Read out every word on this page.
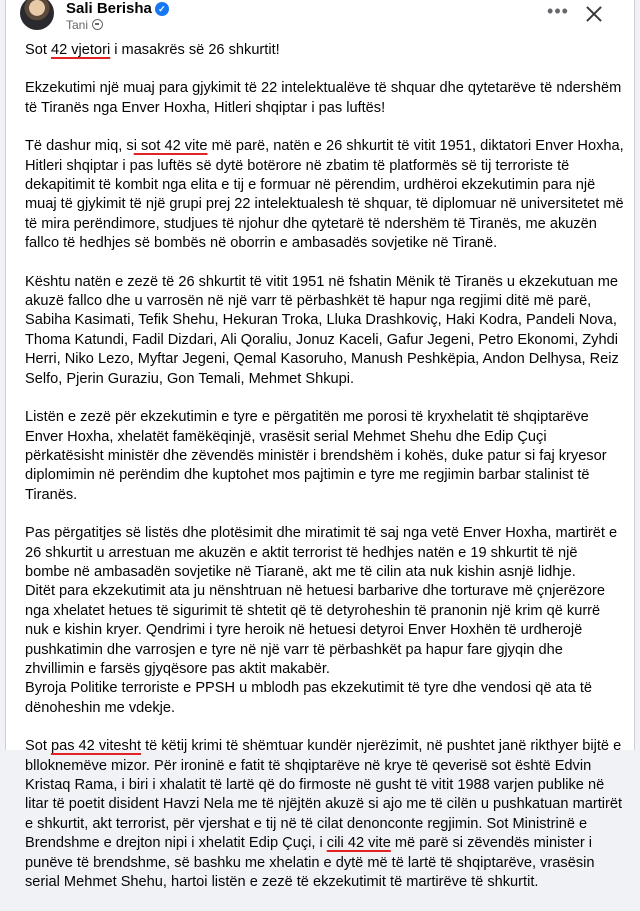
Sali Berisha ✓
Tani
•••

Sot 42 vjetori i masakrës së 26 shkurtit!

Ekzekutimi një muaj para gjykimit të 22 intelektualëve të shquar dhe qytetarëve të ndershëm të Tiranës nga Enver Hoxha, Hitleri shqiptar i pas luftës!

Të dashur miq, si sot 42 vite më parë, natën e 26 shkurtit të vitit 1951, diktatori Enver Hoxha, Hitleri shqiptar i pas luftës së dytë botërore në zbatim të platformës së tij terroriste të dekapitimit të kombit nga elita e tij e formuar në përendim, urdhëroi ekzekutimin para një muaj të gjykimit të një grupi prej 22 intelektualesh të shquar, të diplomuar në universitetet më të mira perëndimore, studjues të njohur dhe qytetarë të ndershëm të Tiranës, me akuzën fallco të hedhjes së bombës në oborrin e ambasadës sovjetike në Tiranë.

Kështu natën e zezë të 26 shkurtit të vitit 1951 në fshatin Mënik të Tiranës u ekzekutuan me akuzë fallco dhe u varrosën në një varr të përbashkët të hapur nga regjimi ditë më parë, Sabiha Kasimati, Tefik Shehu, Hekuran Troka, Lluka Drashkoviç, Haki Kodra, Pandeli Nova, Thoma Katundi, Fadil Dizdari, Ali Qoraliu, Jonuz Kaceli, Gafur Jegeni, Petro Ekonomi, Zyhdi Herri, Niko Lezo, Myftar Jegeni, Qemal Kasoruho, Manush Peshkëpia, Andon Delhysa, Reiz Selfo, Pjerin Guraziu, Gon Temali, Mehmet Shkupi.

Listën e zezë për ekzekutimin e tyre e përgatitën me porosi të kryxhelatit të shqiptarëve Enver Hoxha, xhelatët famëkëqinjë, vrasësit serial Mehmet Shehu dhe Edip Çuçi përkatësisht ministër dhe zëvendës ministër i brendshëm i kohës, duke patur si faj kryesor diplomimin në perëndim dhe kuptohet mos pajtimin e tyre me regjimin barbar stalinist të Tiranës.

Pas përgatitjes së listës dhe plotësimit dhe miratimit të saj nga vetë Enver Hoxha, martirët e 26 shkurtit u arrestuan me akuzën e aktit terrorist të hedhjes natën e 19 shkurtit të një bombe në ambasadën sovjetike në Tiaranë, akt me të cilin ata nuk kishin asnjë lidhje.

Ditët para ekzekutimit ata ju nënshtruan në hetuesi barbarive dhe torturave më çnjerëzore nga xhelatet hetues të sigurimit të shtetit që të detyroheshin të pranonin një krim që kurrë nuk e kishin kryer. Qendrimi i tyre heroik në hetuesi detyroi Enver Hoxhën të urdherojë pushkatimin dhe varrosjen e tyre në një varr të përbashkët pa hapur fare gjyqin dhe zhvillimin e farsës gjyqësore pas aktit makabër.

Byroja Politike terroriste e PPSH u mblodh pas ekzekutimit të tyre dhe vendosi që ata të dënoheshin me vdekje.

Sot pas 42 vitesht të këtij krimi të shëmtuar kundër njerëzimit, në pushtet janë rikthyer bijtë e blloknemëve mizor. Për ironinë e fatit të shqiptarëve në krye të qeverisë sot është Edvin Kristaq Rama, i biri i xhalatit të lartë që do firmoste në gusht të vitit 1988 varjen publike në litar të poetit disident Havzi Nela me të njëjtën akuzë si ajo me të cilën u pushkatuan martirët e shkurtit, akt terrorist, për vjershat e tij në të cilat denonconte regjimin. Sot Ministrinë e Brendshme e drejton nipi i xhelatit Edip Çuçi, i cili 42 vite më parë si zëvendës minister i punëve të brendshme, së bashku me xhelatin e dytë më të lartë të shqiptarëve, vrasësin serial Mehmet Shehu, hartoi listën e zezë të ekzekutimit të martirëve të shkurtit.
